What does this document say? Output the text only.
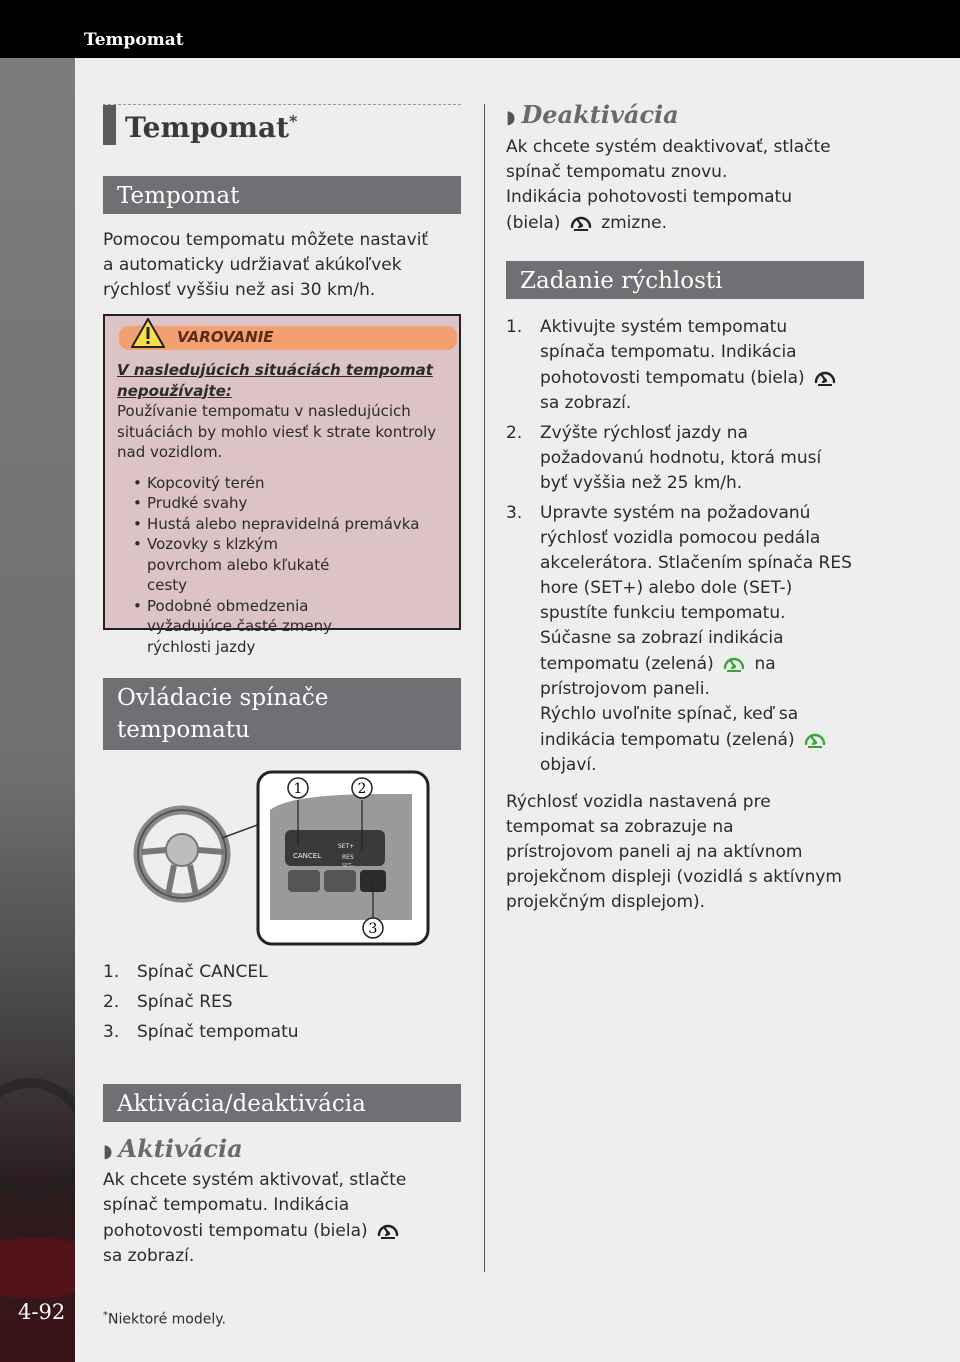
Tempomat
4-92
Tempomat*
Tempomat
Pomocou tempomatu môžete nastaviť
a automaticky udržiavať akúkoľvek
rýchlosť vyššiu než asi 30 km/h.
VAROVANIE
V nasledujúcich situáciách tempomat
nepoužívajte:
Používanie tempomatu v nasledujúcich
situáciách by mohlo viesť k strate kontroly
nad vozidlom.
• Kopcovitý terén
• Prudké svahy
• Hustá alebo nepravidelná premávka
• Vozovky s klzkým povrchom alebo kľukaté cesty
• Podobné obmedzenia vyžadujúce časté zmeny rýchlosti jazdy
Ovládacie spínače
tempomatu
CANCEL
SET+
RES
SET–
1	2
3
1. Spínač CANCEL
2. Spínač RES
3. Spínač tempomatu
Aktivácia/deaktivácia
◗ Aktivácia
Ak chcete systém aktivovať, stlačte
spínač tempomatu. Indikácia
pohotovosti tempomatu (biela)
sa zobrazí.
*Niektoré modely.
◗ Deaktivácia
Ak chcete systém deaktivovať, stlačte
spínač tempomatu znovu.
Indikácia pohotovosti tempomatu
(biela) zmizne.
Zadanie rýchlosti
1. Aktivujte systém tempomatu
spínača tempomatu. Indikácia
pohotovosti tempomatu (biela)
sa zobrazí.
2. Zvýšte rýchlosť jazdy na
požadovanú hodnotu, ktorá musí
byť vyššia než 25 km/h.
3. Upravte systém na požadovanú
rýchlosť vozidla pomocou pedála
akcelerátora. Stlačením spínača RES
hore (SET+) alebo dole (SET-)
spustíte funkciu tempomatu.
Súčasne sa zobrazí indikácia
tempomatu (zelená) na
prístrojovom paneli.
Rýchlo uvoľnite spínač, keď sa
indikácia tempomatu (zelená)
objaví.
Rýchlosť vozidla nastavená pre
tempomat sa zobrazuje na
prístrojovom paneli aj na aktívnom
projekčnom displeji (vozidlá s aktívnym
projekčným displejom).
